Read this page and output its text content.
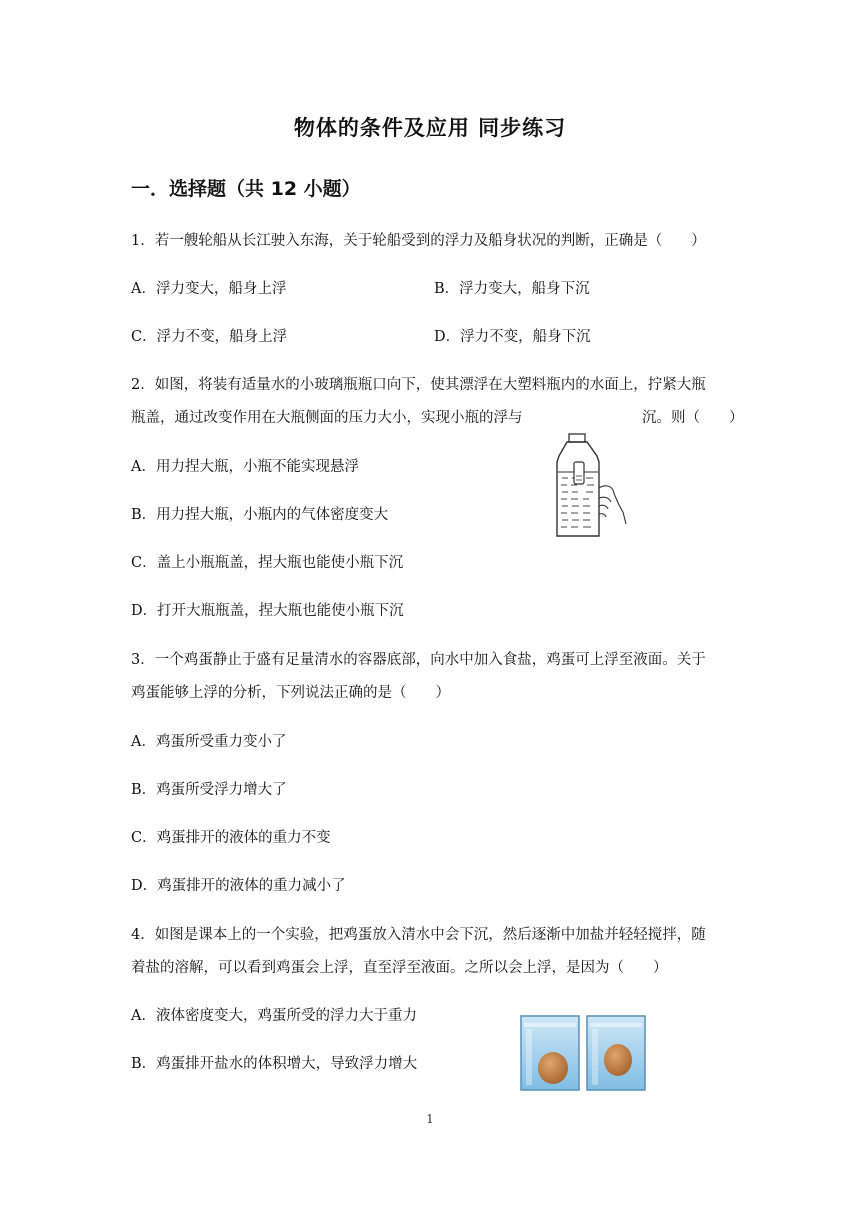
物体的条件及应用 同步练习
一．选择题（共 12 小题）
1．若一艘轮船从长江驶入东海，关于轮船受到的浮力及船身状况的判断，正确是（　　）
A．浮力变大，船身上浮	B．浮力变大，船身下沉
C．浮力不变，船身上浮	D．浮力不变，船身下沉
2．如图，将装有适量水的小玻璃瓶瓶口向下，使其漂浮在大塑料瓶内的水面上，拧紧大瓶
瓶盖，通过改变作用在大瓶侧面的压力大小，实现小瓶的浮与	沉。则（　　）
A．用力捏大瓶，小瓶不能实现悬浮
B．用力捏大瓶，小瓶内的气体密度变大
C．盖上小瓶瓶盖，捏大瓶也能使小瓶下沉
D．打开大瓶瓶盖，捏大瓶也能使小瓶下沉
3．一个鸡蛋静止于盛有足量清水的容器底部，向水中加入食盐，鸡蛋可上浮至液面。关于
鸡蛋能够上浮的分析，下列说法正确的是（　　）
A．鸡蛋所受重力变小了
B．鸡蛋所受浮力增大了
C．鸡蛋排开的液体的重力不变
D．鸡蛋排开的液体的重力减小了
4．如图是课本上的一个实验，把鸡蛋放入清水中会下沉，然后逐渐中加盐并轻轻搅拌，随
着盐的溶解，可以看到鸡蛋会上浮，直至浮至液面。之所以会上浮，是因为（　　）
A．液体密度变大，鸡蛋所受的浮力大于重力
B．鸡蛋排开盐水的体积增大，导致浮力增大
1
